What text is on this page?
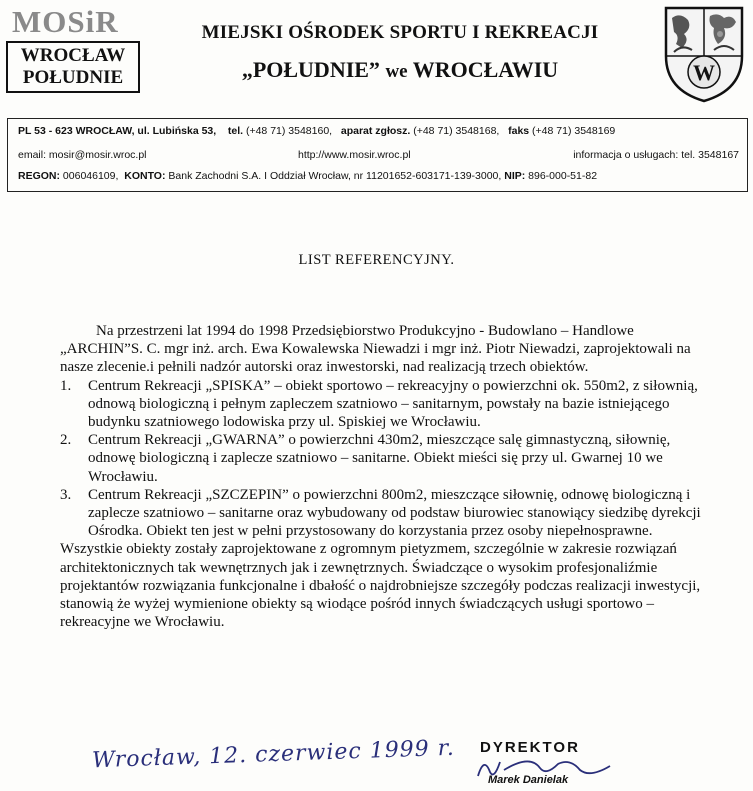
MOSiR
WROCŁAW
POŁUDNIE
MIEJSKI OŚRODEK SPORTU I REKREACJI
„POŁUDNIE” we WROCŁAWIU	W
PL 53 - 623 WROCŁAW, ul. Lubińska 53, tel. (+48 71) 3548160, aparat zgłosz. (+48 71) 3548168, faks (+48 71) 3548169
email: mosir@mosir.wroc.pl	http://www.mosir.wroc.pl	informacja o usługach: tel. 3548167
REGON: 006046109, KONTO: Bank Zachodni S.A. I Oddział Wrocław, nr 11201652-603171-139-3000, NIP: 896-000-51-82
LIST REFERENCYJNY.

Na przestrzeni lat 1994 do 1998 Przedsiębiorstwo Produkcyjno - Budowlano – Handlowe „ARCHIN”S. C. mgr inż. arch. Ewa Kowalewska Niewadzi i mgr inż. Piotr Niewadzi, zaprojektowali na nasze zlecenie.i pełnili nadzór autorski oraz inwestorski, nad realizacją trzech obiektów.

1. Centrum Rekreacji „SPISKA” – obiekt sportowo – rekreacyjny o powierzchni ok. 550m2, z siłownią, odnową biologiczną i pełnym zapleczem szatniowo – sanitarnym, powstały na bazie istniejącego budynku szatniowego lodowiska przy ul. Spiskiej we Wrocławiu.
2. Centrum Rekreacji „GWARNA” o powierzchni 430m2, mieszczące salę gimnastyczną, siłownię, odnowę biologiczną i zaplecze szatniowo – sanitarne. Obiekt mieści się przy ul. Gwarnej 10 we Wrocławiu.
3. Centrum Rekreacji „SZCZEPIN” o powierzchni 800m2, mieszczące siłownię, odnowę biologiczną i zaplecze szatniowo – sanitarne oraz wybudowany od podstaw biurowiec stanowiący siedzibę dyrekcji Ośrodka. Obiekt ten jest w pełni przystosowany do korzystania przez osoby niepełnosprawne.

Wszystkie obiekty zostały zaprojektowane z ogromnym pietyzmem, szczególnie w zakresie rozwiązań architektonicznych tak wewnętrznych jak i zewnętrznych. Świadczące o wysokim profesjonaliźmie projektantów rozwiązania funkcjonalne i dbałość o najdrobniejsze szczegóły podczas realizacji inwestycji, stanowią że wyżej wymienione obiekty są wiodące pośród innych świadczących usługi sportowo – rekreacyjne we Wrocławiu.

Wrocław, 12. czerwiec 1999 r. DYREKTOR
Marek Danielak
